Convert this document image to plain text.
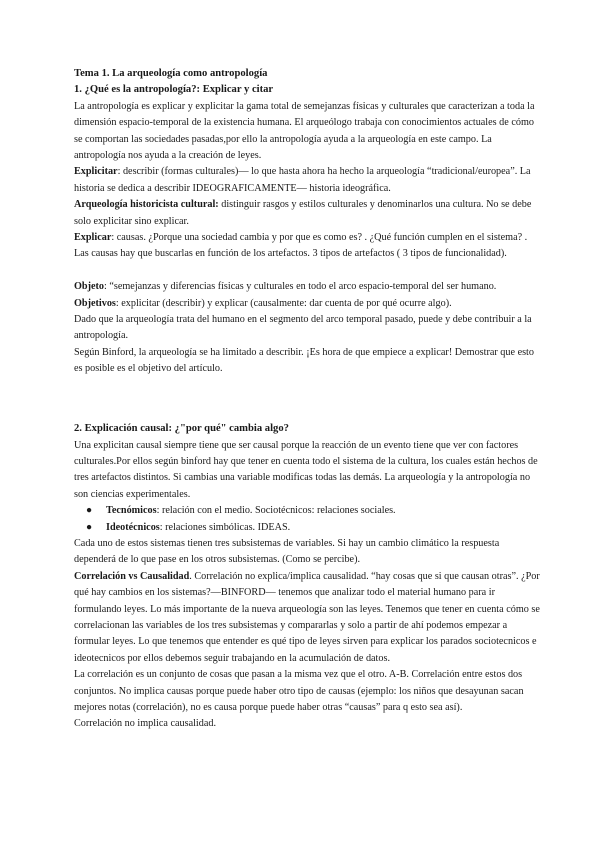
Tema 1. La arqueología como antropología
1. ¿Qué es la antropología?: Explicar y citar

La antropología es explicar y explicitar la gama total de semejanzas físicas y culturales que caracterizan a toda la dimensión espacio-temporal de la existencia humana. El arqueólogo trabaja con conocimientos actuales de cómo se comportan las sociedades pasadas,por ello la antropología ayuda a la arqueología en este campo. La antropología nos ayuda a la creación de leyes.

Explicitar: describir (formas culturales)— lo que hasta ahora ha hecho la arqueología “tradicional/europea”. La historia se dedica a describir IDEOGRAFICAMENTE— historia ideográfica.

Arqueología historicista cultural: distinguir rasgos y estilos culturales y denominarlos una cultura. No se debe solo explicitar sino explicar.

Explicar: causas. ¿Porque una sociedad cambia y por que es como es? . ¿Qué función cumplen en el sistema? . Las causas hay que buscarlas en función de los artefactos. 3 tipos de artefactos ( 3 tipos de funcionalidad).

Objeto: “semejanzas y diferencias físicas y culturales en todo el arco espacio-temporal del ser humano.

Objetivos: explicitar (describir) y explicar (causalmente: dar cuenta de por qué ocurre algo).

Dado que la arqueología trata del humano en el segmento del arco temporal pasado, puede y debe contribuir a la antropología.

Según Binford, la arqueología se ha limitado a describir. ¡Es hora de que empiece a explicar! Demostrar que esto es posible es el objetivo del artículo.

2. Explicación causal: ¿"por qué" cambia algo?

Una explicitan causal siempre tiene que ser causal porque la reacción de un evento tiene que ver con factores culturales.Por ellos según binford hay que tener en cuenta todo el sistema de la cultura, los cuales están hechos de tres artefactos distintos. Si cambias una variable modificas todas las demás. La arqueología y la antropología no son ciencias experimentales.

● Tecnómicos: relación con el medio. Sociotécnicos: relaciones sociales.
● Ideotécnicos: relaciones simbólicas. IDEAS.

Cada uno de estos sistemas tienen tres subsistemas de variables. Si hay un cambio climático la respuesta dependerá de lo que pase en los otros subsistemas. (Como se percibe).

Correlación vs Causalidad. Correlación no explica/implica causalidad. “hay cosas que si que causan otras”. ¿Por qué hay cambios en los sistemas?—BINFORD— tenemos que analizar todo el material humano para ir formulando leyes. Lo más importante de la nueva arqueología son las leyes. Tenemos que tener en cuenta cómo se correlacionan las variables de los tres subsistemas y compararlas y solo a partir de ahí podemos empezar a formular leyes. Lo que tenemos que entender es qué tipo de leyes sirven para explicar los parados sociotecnicos e ideotecnicos por ellos debemos seguir trabajando en la acumulación de datos.

La correlación es un conjunto de cosas que pasan a la misma vez que el otro. A-B. Correlación entre estos dos conjuntos. No implica causas porque puede haber otro tipo de causas (ejemplo: los niños que desayunan sacan mejores notas (correlación), no es causa porque puede haber otras “causas” para q esto sea así).

Correlación no implica causalidad.
